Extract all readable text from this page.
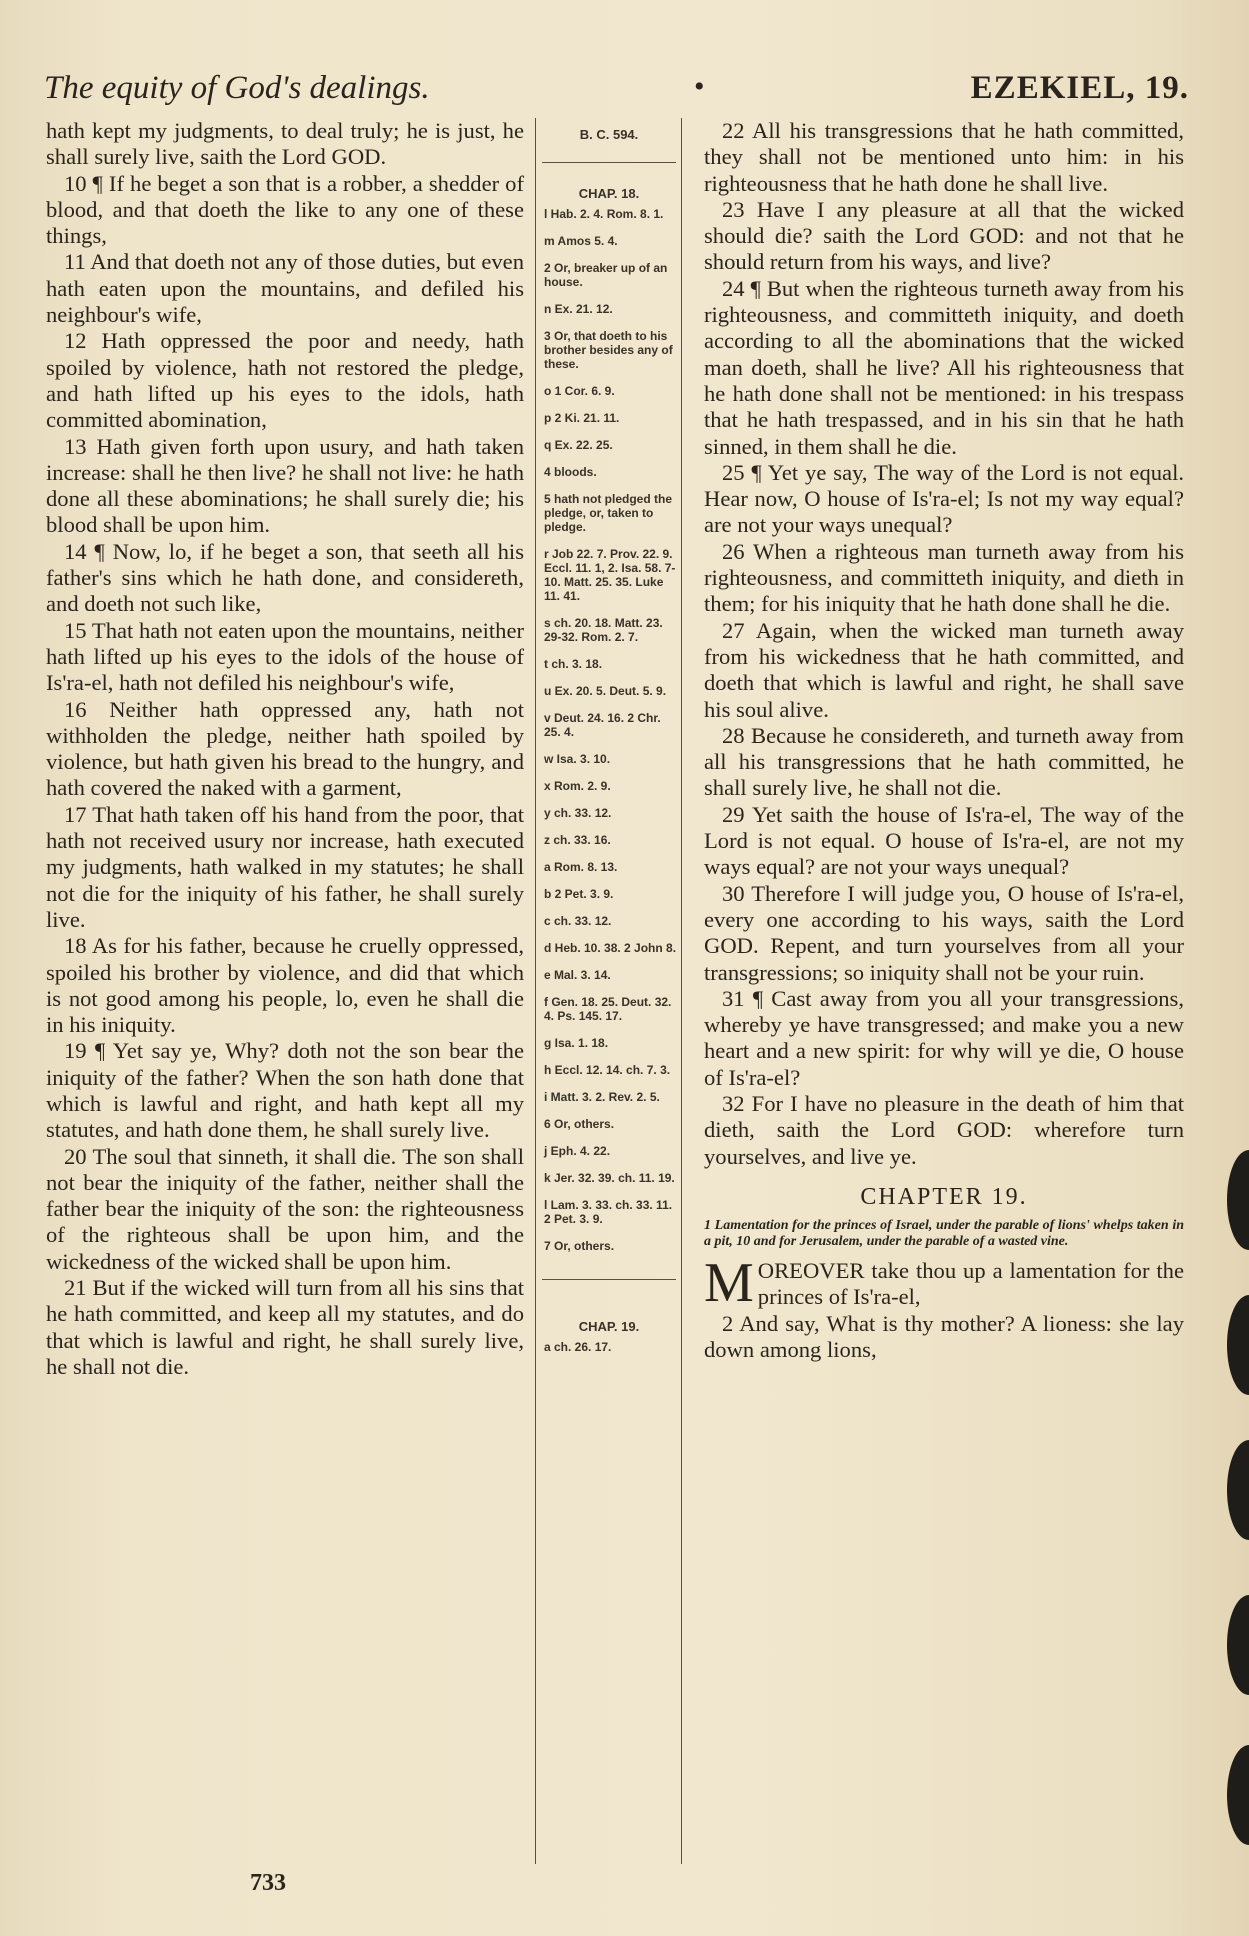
The equity of God's dealings.	•	EZEKIEL, 19.

hath kept my judgments, to deal truly; he is just, he shall surely live, saith the Lord GOD.

10 ¶ If he beget a son that is a robber, a shedder of blood, and that doeth the like to any one of these things,

11 And that doeth not any of those duties, but even hath eaten upon the mountains, and defiled his neighbour's wife,

12 Hath oppressed the poor and needy, hath spoiled by violence, hath not restored the pledge, and hath lifted up his eyes to the idols, hath committed abomination,

13 Hath given forth upon usury, and hath taken increase: shall he then live? he shall not live: he hath done all these abominations; he shall surely die; his blood shall be upon him.

14 ¶ Now, lo, if he beget a son, that seeth all his father's sins which he hath done, and considereth, and doeth not such like,

15 That hath not eaten upon the mountains, neither hath lifted up his eyes to the idols of the house of Is'ra-el, hath not defiled his neighbour's wife,

16 Neither hath oppressed any, hath not withholden the pledge, neither hath spoiled by violence, but hath given his bread to the hungry, and hath covered the naked with a garment,

17 That hath taken off his hand from the poor, that hath not received usury nor increase, hath executed my judgments, hath walked in my statutes; he shall not die for the iniquity of his father, he shall surely live.

18 As for his father, because he cruelly oppressed, spoiled his brother by violence, and did that which is not good among his people, lo, even he shall die in his iniquity.

19 ¶ Yet say ye, Why? doth not the son bear the iniquity of the father? When the son hath done that which is lawful and right, and hath kept all my statutes, and hath done them, he shall surely live.

20 The soul that sinneth, it shall die. The son shall not bear the iniquity of the father, neither shall the father bear the iniquity of the son: the righteousness of the righteous shall be upon him, and the wickedness of the wicked shall be upon him.

21 But if the wicked will turn from all his sins that he hath committed, and keep all my statutes, and do that which is lawful and right, he shall surely live, he shall not die.

B. C. 594.
CHAP. 18.
l Hab. 2. 4. Rom. 8. 1.
m Amos 5. 4.
2 Or, breaker up of an house.
n Ex. 21. 12.
3 Or, that doeth to his brother besides any of these.
o 1 Cor. 6. 9.
p 2 Ki. 21. 11.
q Ex. 22. 25.
4 bloods.
5 hath not pledged the pledge, or, taken to pledge.
r Job 22. 7. Prov. 22. 9. Eccl. 11. 1, 2. Isa. 58. 7-10. Matt. 25. 35. Luke 11. 41.
s ch. 20. 18. Matt. 23. 29-32. Rom. 2. 7.
t ch. 3. 18.
u Ex. 20. 5. Deut. 5. 9.
v Deut. 24. 16. 2 Chr. 25. 4.
w Isa. 3. 10.
x Rom. 2. 9.
y ch. 33. 12.
z ch. 33. 16.
a Rom. 8. 13.
b 2 Pet. 3. 9.
c ch. 33. 12.
d Heb. 10. 38. 2 John 8.
e Mal. 3. 14.
f Gen. 18. 25. Deut. 32. 4. Ps. 145. 17.
g Isa. 1. 18.
h Eccl. 12. 14. ch. 7. 3.
i Matt. 3. 2. Rev. 2. 5.
6 Or, others.
j Eph. 4. 22.
k Jer. 32. 39. ch. 11. 19.
l Lam. 3. 33. ch. 33. 11. 2 Pet. 3. 9.
7 Or, others.
CHAP. 19.
a ch. 26. 17.

22 All his transgressions that he hath committed, they shall not be mentioned unto him: in his righteousness that he hath done he shall live.

23 Have I any pleasure at all that the wicked should die? saith the Lord GOD: and not that he should return from his ways, and live?

24 ¶ But when the righteous turneth away from his righteousness, and committeth iniquity, and doeth according to all the abominations that the wicked man doeth, shall he live? All his righteousness that he hath done shall not be mentioned: in his trespass that he hath trespassed, and in his sin that he hath sinned, in them shall he die.

25 ¶ Yet ye say, The way of the Lord is not equal. Hear now, O house of Is'ra-el; Is not my way equal? are not your ways unequal?

26 When a righteous man turneth away from his righteousness, and committeth iniquity, and dieth in them; for his iniquity that he hath done shall he die.

27 Again, when the wicked man turneth away from his wickedness that he hath committed, and doeth that which is lawful and right, he shall save his soul alive.

28 Because he considereth, and turneth away from all his transgressions that he hath committed, he shall surely live, he shall not die.

29 Yet saith the house of Is'ra-el, The way of the Lord is not equal. O house of Is'ra-el, are not my ways equal? are not your ways unequal?

30 Therefore I will judge you, O house of Is'ra-el, every one according to his ways, saith the Lord GOD. Repent, and turn yourselves from all your transgressions; so iniquity shall not be your ruin.

31 ¶ Cast away from you all your transgressions, whereby ye have transgressed; and make you a new heart and a new spirit: for why will ye die, O house of Is'ra-el?

32 For I have no pleasure in the death of him that dieth, saith the Lord GOD: wherefore turn yourselves, and live ye.

CHAPTER 19.
1 Lamentation for the princes of Israel, under the parable of lions' whelps taken in a pit, 10 and for Jerusalem, under the parable of a wasted vine.

MOREOVER take thou up a lamentation for the princes of Is'ra-el,

2 And say, What is thy mother? A lioness: she lay down among lions,

733
